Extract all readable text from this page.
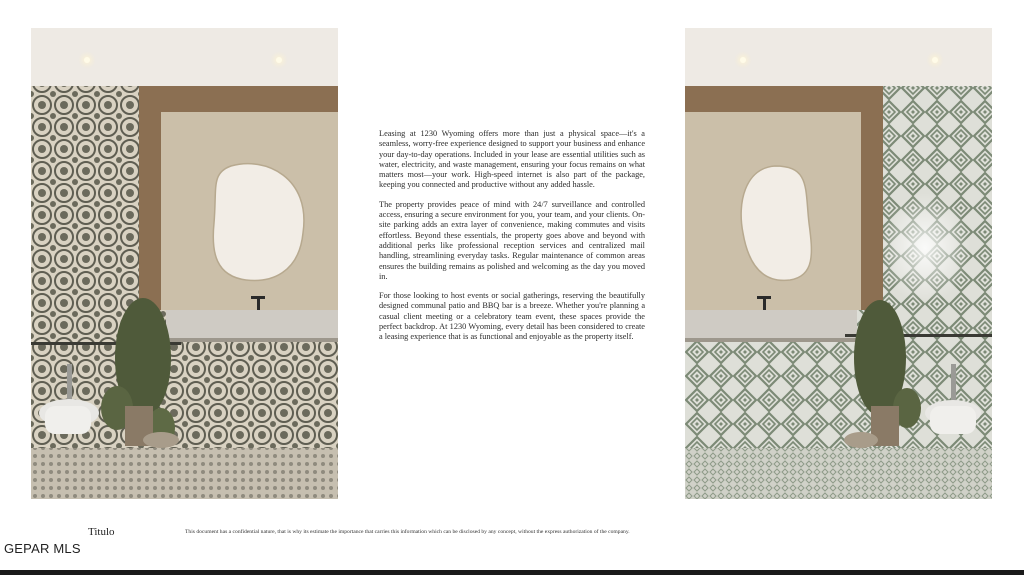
Leasing at 1230 Wyoming offers more than just a physical space—it's a seamless, worry-free experience designed to support your business and enhance your day-to-day operations. Included in your lease are essential utilities such as water, electricity, and waste management, ensuring your focus remains on what matters most—your work. High-speed internet is also part of the package, keeping you connected and productive without any added hassle.

The property provides peace of mind with 24/7 surveillance and controlled access, ensuring a secure environment for you, your team, and your clients. On-site parking adds an extra layer of convenience, making commutes and visits effortless. Beyond these essentials, the property goes above and beyond with additional perks like professional reception services and centralized mail handling, streamlining everyday tasks. Regular maintenance of common areas ensures the building remains as polished and welcoming as the day you moved in.

For those looking to host events or social gatherings, reserving the beautifully designed communal patio and BBQ bar is a breeze. Whether you're planning a casual client meeting or a celebratory team event, these spaces provide the perfect backdrop. At 1230 Wyoming, every detail has been considered to create a leasing experience that is as functional and enjoyable as the property itself.

Titulo	This document has a confidential nature, that is why its estimate the importance that carries this information which can be disclosed by any concept, without the express authorization of the company.
GEPAR MLS
